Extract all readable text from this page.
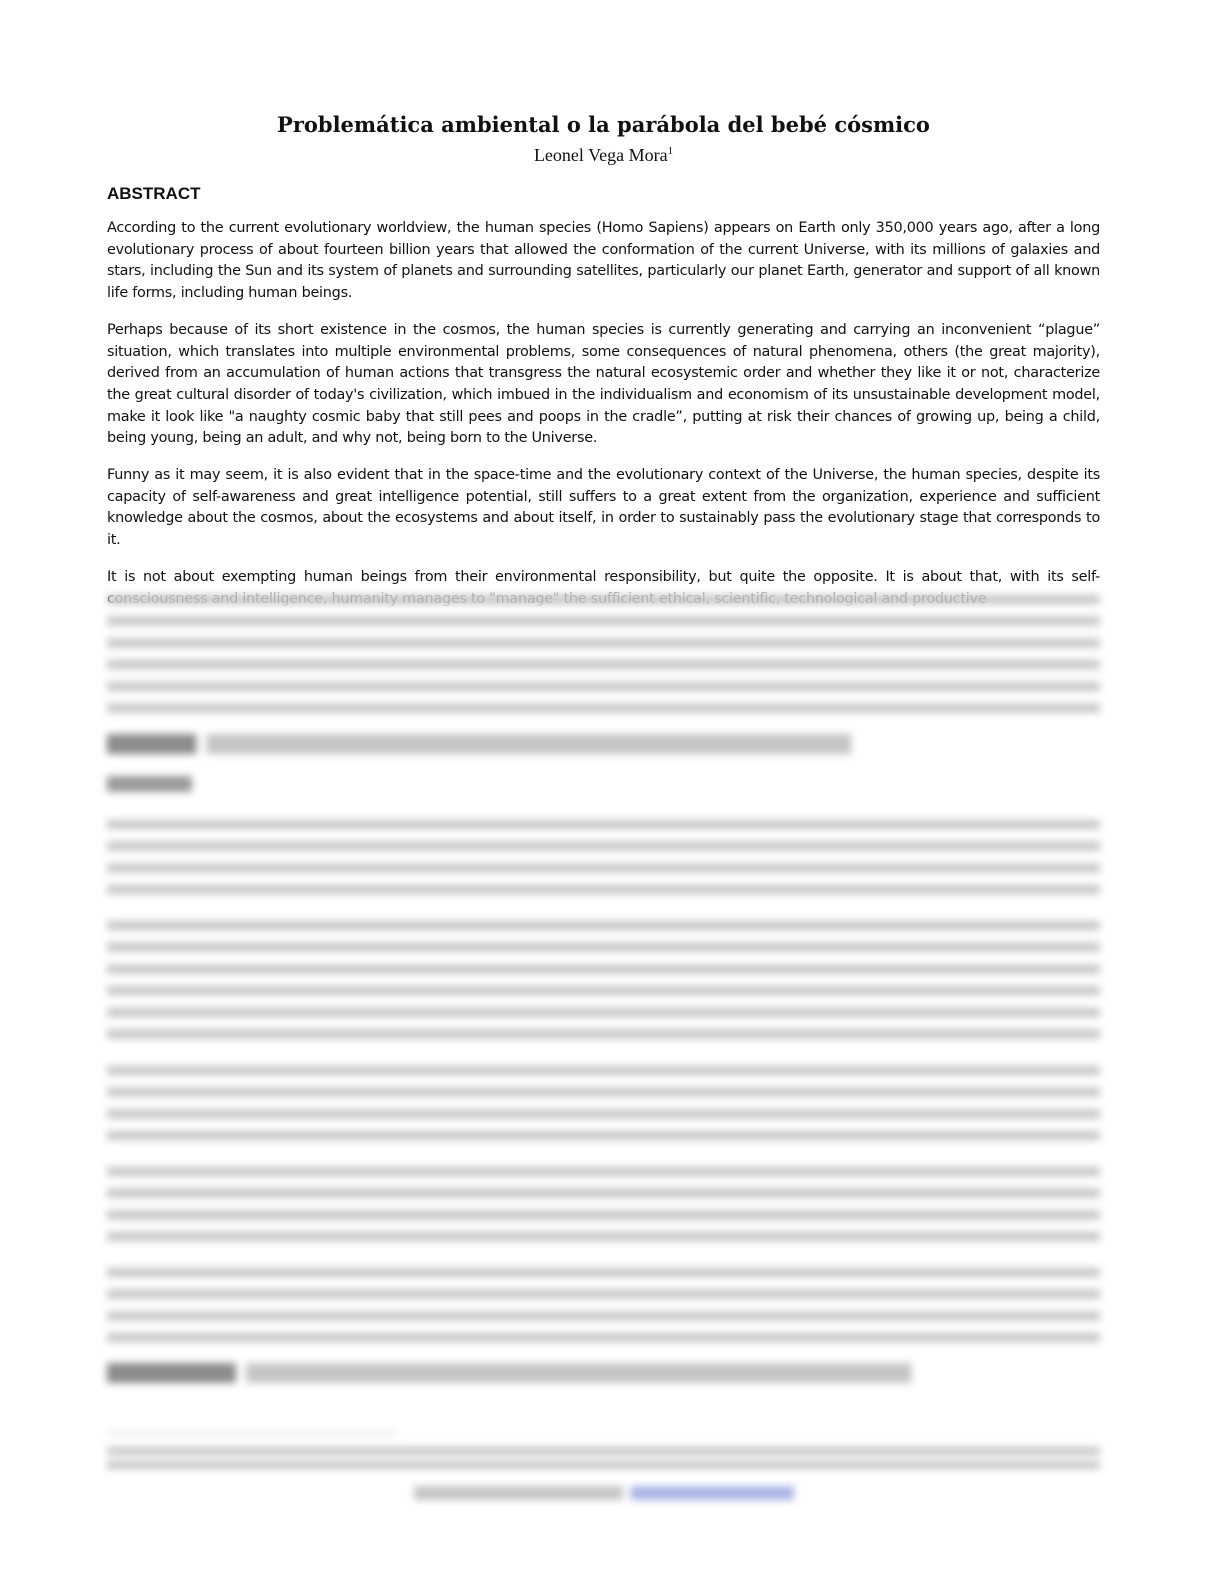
Problemática ambiental o la parábola del bebé cósmico

Leonel Vega Mora$^1$

ABSTRACT

According to the current evolutionary worldview, the human species (Homo Sapiens) appears on Earth only 350,000 years ago, after a long evolutionary process of about fourteen billion years that allowed the conformation of the current Universe, with its millions of galaxies and stars, including the Sun and its system of planets and surrounding satellites, particularly our planet Earth, generator and support of all known life forms, including human beings.

Perhaps because of its short existence in the cosmos, the human species is currently generating and carrying an inconvenient “plague” situation, which translates into multiple environmental problems, some consequences of natural phenomena, others (the great majority), derived from an accumulation of human actions that transgress the natural ecosystemic order and whether they like it or not, characterize the great cultural disorder of today's civilization, which imbued in the individualism and economism of its unsustainable development model, make it look like "a naughty cosmic baby that still pees and poops in the cradle”, putting at risk their chances of growing up, being a child, being young, being an adult, and why not, being born to the Universe.

Funny as it may seem, it is also evident that in the space-time and the evolutionary context of the Universe, the human species, despite its capacity of self-awareness and great intelligence potential, still suffers to a great extent from the organization, experience and sufficient knowledge about the cosmos, about the ecosystems and about itself, in order to sustainably pass the evolutionary stage that corresponds to it.

It is not about exempting human beings from their environmental responsibility, but quite the opposite. It is about that, with its self-
